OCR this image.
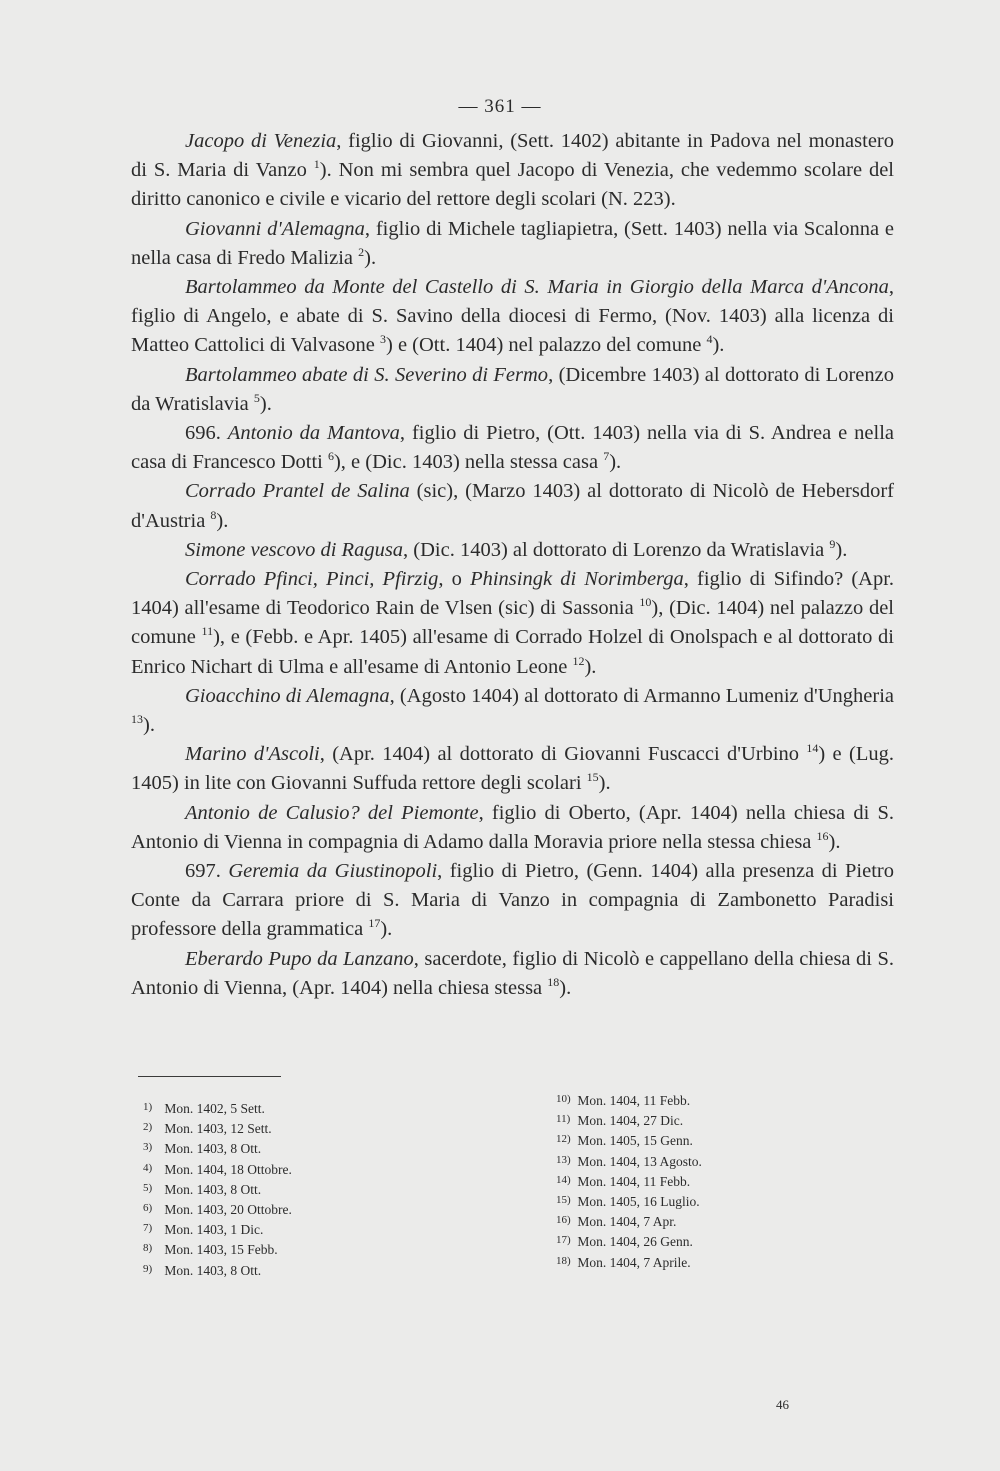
— 361 —

Jacopo di Venezia, figlio di Giovanni, (Sett. 1402) abitante in Padova nel monastero di S. Maria di Vanzo $^1$). Non mi sembra quel Jacopo di Venezia, che vedemmo scolare del diritto canonico e civile e vicario del rettore degli scolari (N. 223).

Giovanni d'Alemagna, figlio di Michele tagliapietra, (Sett. 1403) nella via Scalonna e nella casa di Fredo Malizia $^2$).

Bartolammeo da Monte del Castello di S. Maria in Giorgio della Marca d'Ancona, figlio di Angelo, e abate di S. Savino della diocesi di Fermo, (Nov. 1403) alla licenza di Matteo Cattolici di Valvasone $^3$) e (Ott. 1404) nel palazzo del comune $^4$).

Bartolammeo abate di S. Severino di Fermo, (Dicembre 1403) al dottorato di Lorenzo da Wratislavia $^5$).

696. Antonio da Mantova, figlio di Pietro, (Ott. 1403) nella via di S. Andrea e nella casa di Francesco Dotti $^6$), e (Dic. 1403) nella stessa casa $^7$).

Corrado Prantel de Salina (sic), (Marzo 1403) al dottorato di Nicolò de Hebersdorf d'Austria $^8$).

Simone vescovo di Ragusa, (Dic. 1403) al dottorato di Lorenzo da Wratislavia $^9$).

Corrado Pfinci, Pinci, Pfirzig, o Phinsingk di Norimberga, figlio di Sifindo? (Apr. 1404) all'esame di Teodorico Rain de Vlsen (sic) di Sassonia $^{10}$), (Dic. 1404) nel palazzo del comune $^{11}$), e (Febb. e Apr. 1405) all'esame di Corrado Holzel di Onolspach e al dottorato di Enrico Nichart di Ulma e all'esame di Antonio Leone $^{12}$).

Gioacchino di Alemagna, (Agosto 1404) al dottorato di Armanno Lumeniz d'Ungheria $^{13}$).

Marino d'Ascoli, (Apr. 1404) al dottorato di Giovanni Fuscacci d'Urbino $^{14}$) e (Lug. 1405) in lite con Giovanni Suffuda rettore degli scolari $^{15}$).

Antonio de Calusio? del Piemonte, figlio di Oberto, (Apr. 1404) nella chiesa di S. Antonio di Vienna in compagnia di Adamo dalla Moravia priore nella stessa chiesa $^{16}$).

697. Geremia da Giustinopoli, figlio di Pietro, (Genn. 1404) alla presenza di Pietro Conte da Carrara priore di S. Maria di Vanzo in compagnia di Zambonetto Paradisi professore della grammatica $^{17}$).

Eberardo Pupo da Lanzano, sacerdote, figlio di Nicolò e cappellano della chiesa di S. Antonio di Vienna, (Apr. 1404) nella chiesa stessa $^{18}$).

1) Mon. 1402, 5 Sett.
2) Mon. 1403, 12 Sett.
3) Mon. 1403, 8 Ott.
4) Mon. 1404, 18 Ottobre.
5) Mon. 1403, 8 Ott.
6) Mon. 1403, 20 Ottobre.
7) Mon. 1403, 1 Dic.
8) Mon. 1403, 15 Febb.
9) Mon. 1403, 8 Ott.
10) Mon. 1404, 11 Febb.
11) Mon. 1404, 27 Dic.
12) Mon. 1405, 15 Genn.
13) Mon. 1404, 13 Agosto.
14) Mon. 1404, 11 Febb.
15) Mon. 1405, 16 Luglio.
16) Mon. 1404, 7 Apr.
17) Mon. 1404, 26 Genn.
18) Mon. 1404, 7 Aprile.
46
